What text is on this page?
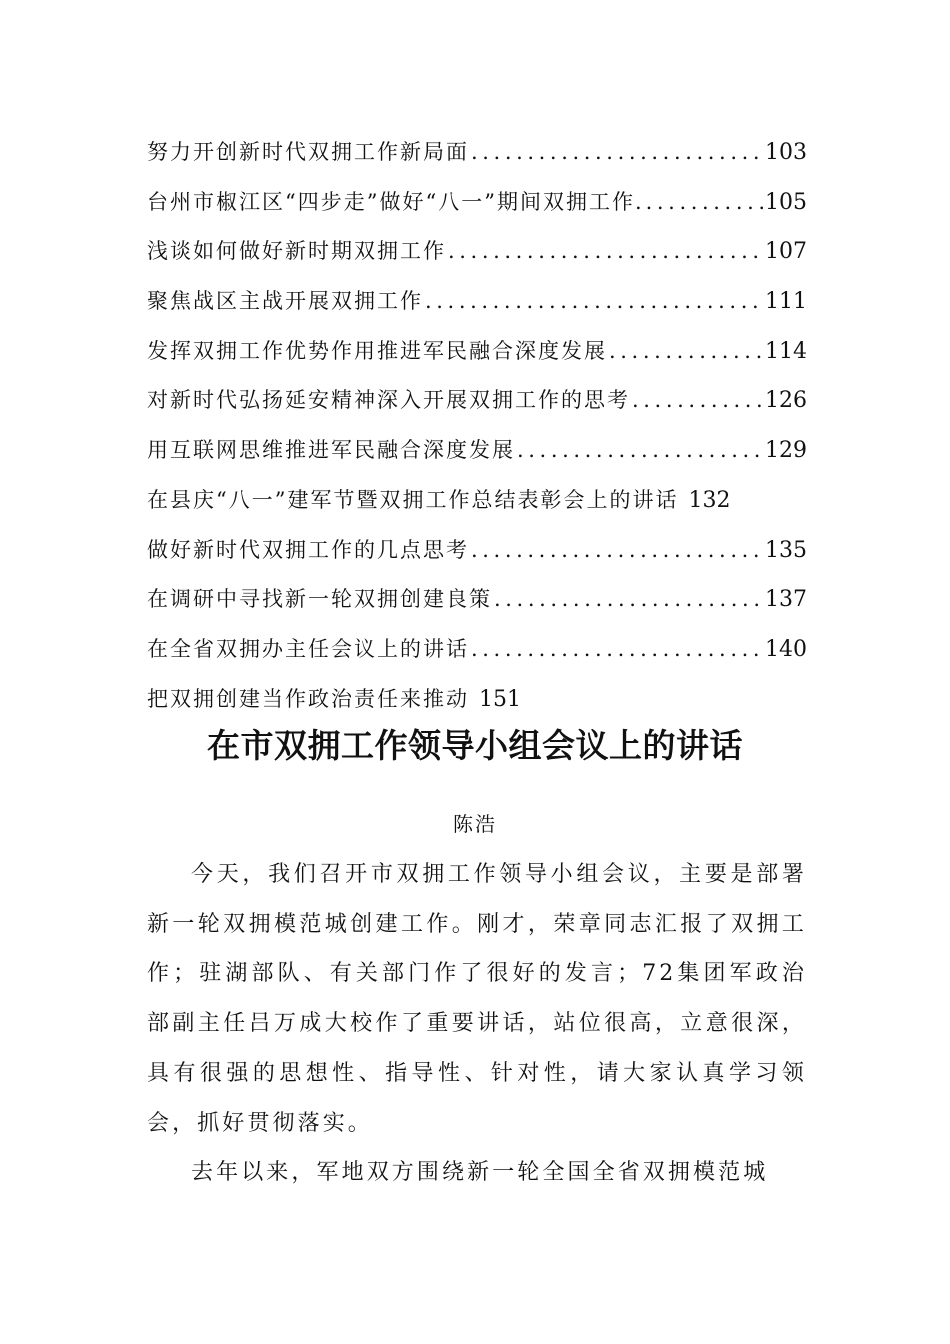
努力开创新时代双拥工作新局面 .....	103
台州市椒江区“四步走”做好“八一”期间双拥工作. .....	105
浅谈如何做好新时期双拥工作 .....	107
聚焦战区主战开展双拥工作 .....	111
发挥双拥工作优势作用推进军民融合深度发展 .....	114
对新时代弘扬延安精神深入开展双拥工作的思考 .....	126
用互联网思维推进军民融合深度发展 .....	129
在县庆“八一”建军节暨双拥工作总结表彰会上的讲话 132
做好新时代双拥工作的几点思考 .....	135
在调研中寻找新一轮双拥创建良策 .....	137
在全省双拥办主任会议上的讲话 .....	140
把双拥创建当作政治责任来推动 151
在市双拥工作领导小组会议上的讲话
陈浩

今天，我们召开市双拥工作领导小组会议，主要是部署新一轮双拥模范城创建工作。刚才，荣章同志汇报了双拥工作；驻湖部队、有关部门作了很好的发言；72集团军政治部副主任吕万成大校作了重要讲话，站位很高，立意很深，具有很强的思想性、指导性、针对性，请大家认真学习领会，抓好贯彻落实。

去年以来，军地双方围绕新一轮全国全省双拥模范城
